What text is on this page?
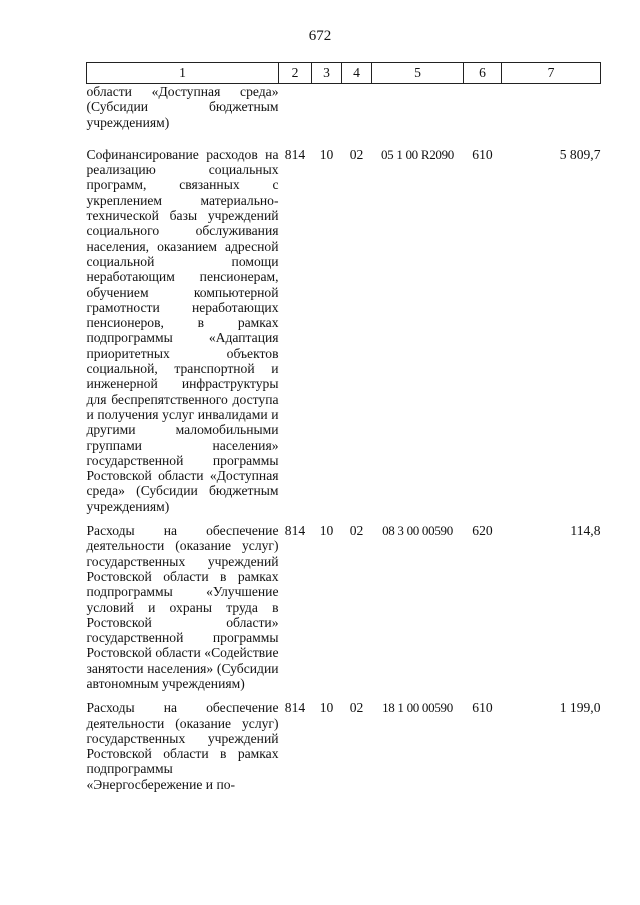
672
1	2	3	4	5	6	7
области «Доступная среда» (Субсидии бюджетным учреждениям)						
Софинансирование расходов на реализацию социальных программ, связанных с укреплением материально-технической базы учреждений социального обслуживания населения, оказанием адресной социальной помощи неработающим пенсионерам, обучением компьютерной грамотности неработающих пенсионеров, в рамках подпрограммы «Адаптация приоритетных объектов социальной, транспортной и инженерной инфраструктуры для беспрепятственного доступа и получения услуг инвалидами и другими маломобильными группами населения» государственной программы Ростовской области «Доступная среда» (Субсидии бюджетным учреждениям)	814	10	02	05 1 00 R2090	610	5 809,7
Расходы на обеспечение деятельности (оказание услуг) государственных учреждений Ростовской области в рамках подпрограммы «Улучшение условий и охраны труда в Ростовской области» государственной программы Ростовской области «Содействие занятости населения» (Субсидии автономным учреждениям)	814	10	02	08 3 00 00590	620	114,8
Расходы на обеспечение деятельности (оказание услуг) государственных учреждений Ростовской области в рамках подпрограммы «Энергосбережение и по-	814	10	02	18 1 00 00590	610	1 199,0
